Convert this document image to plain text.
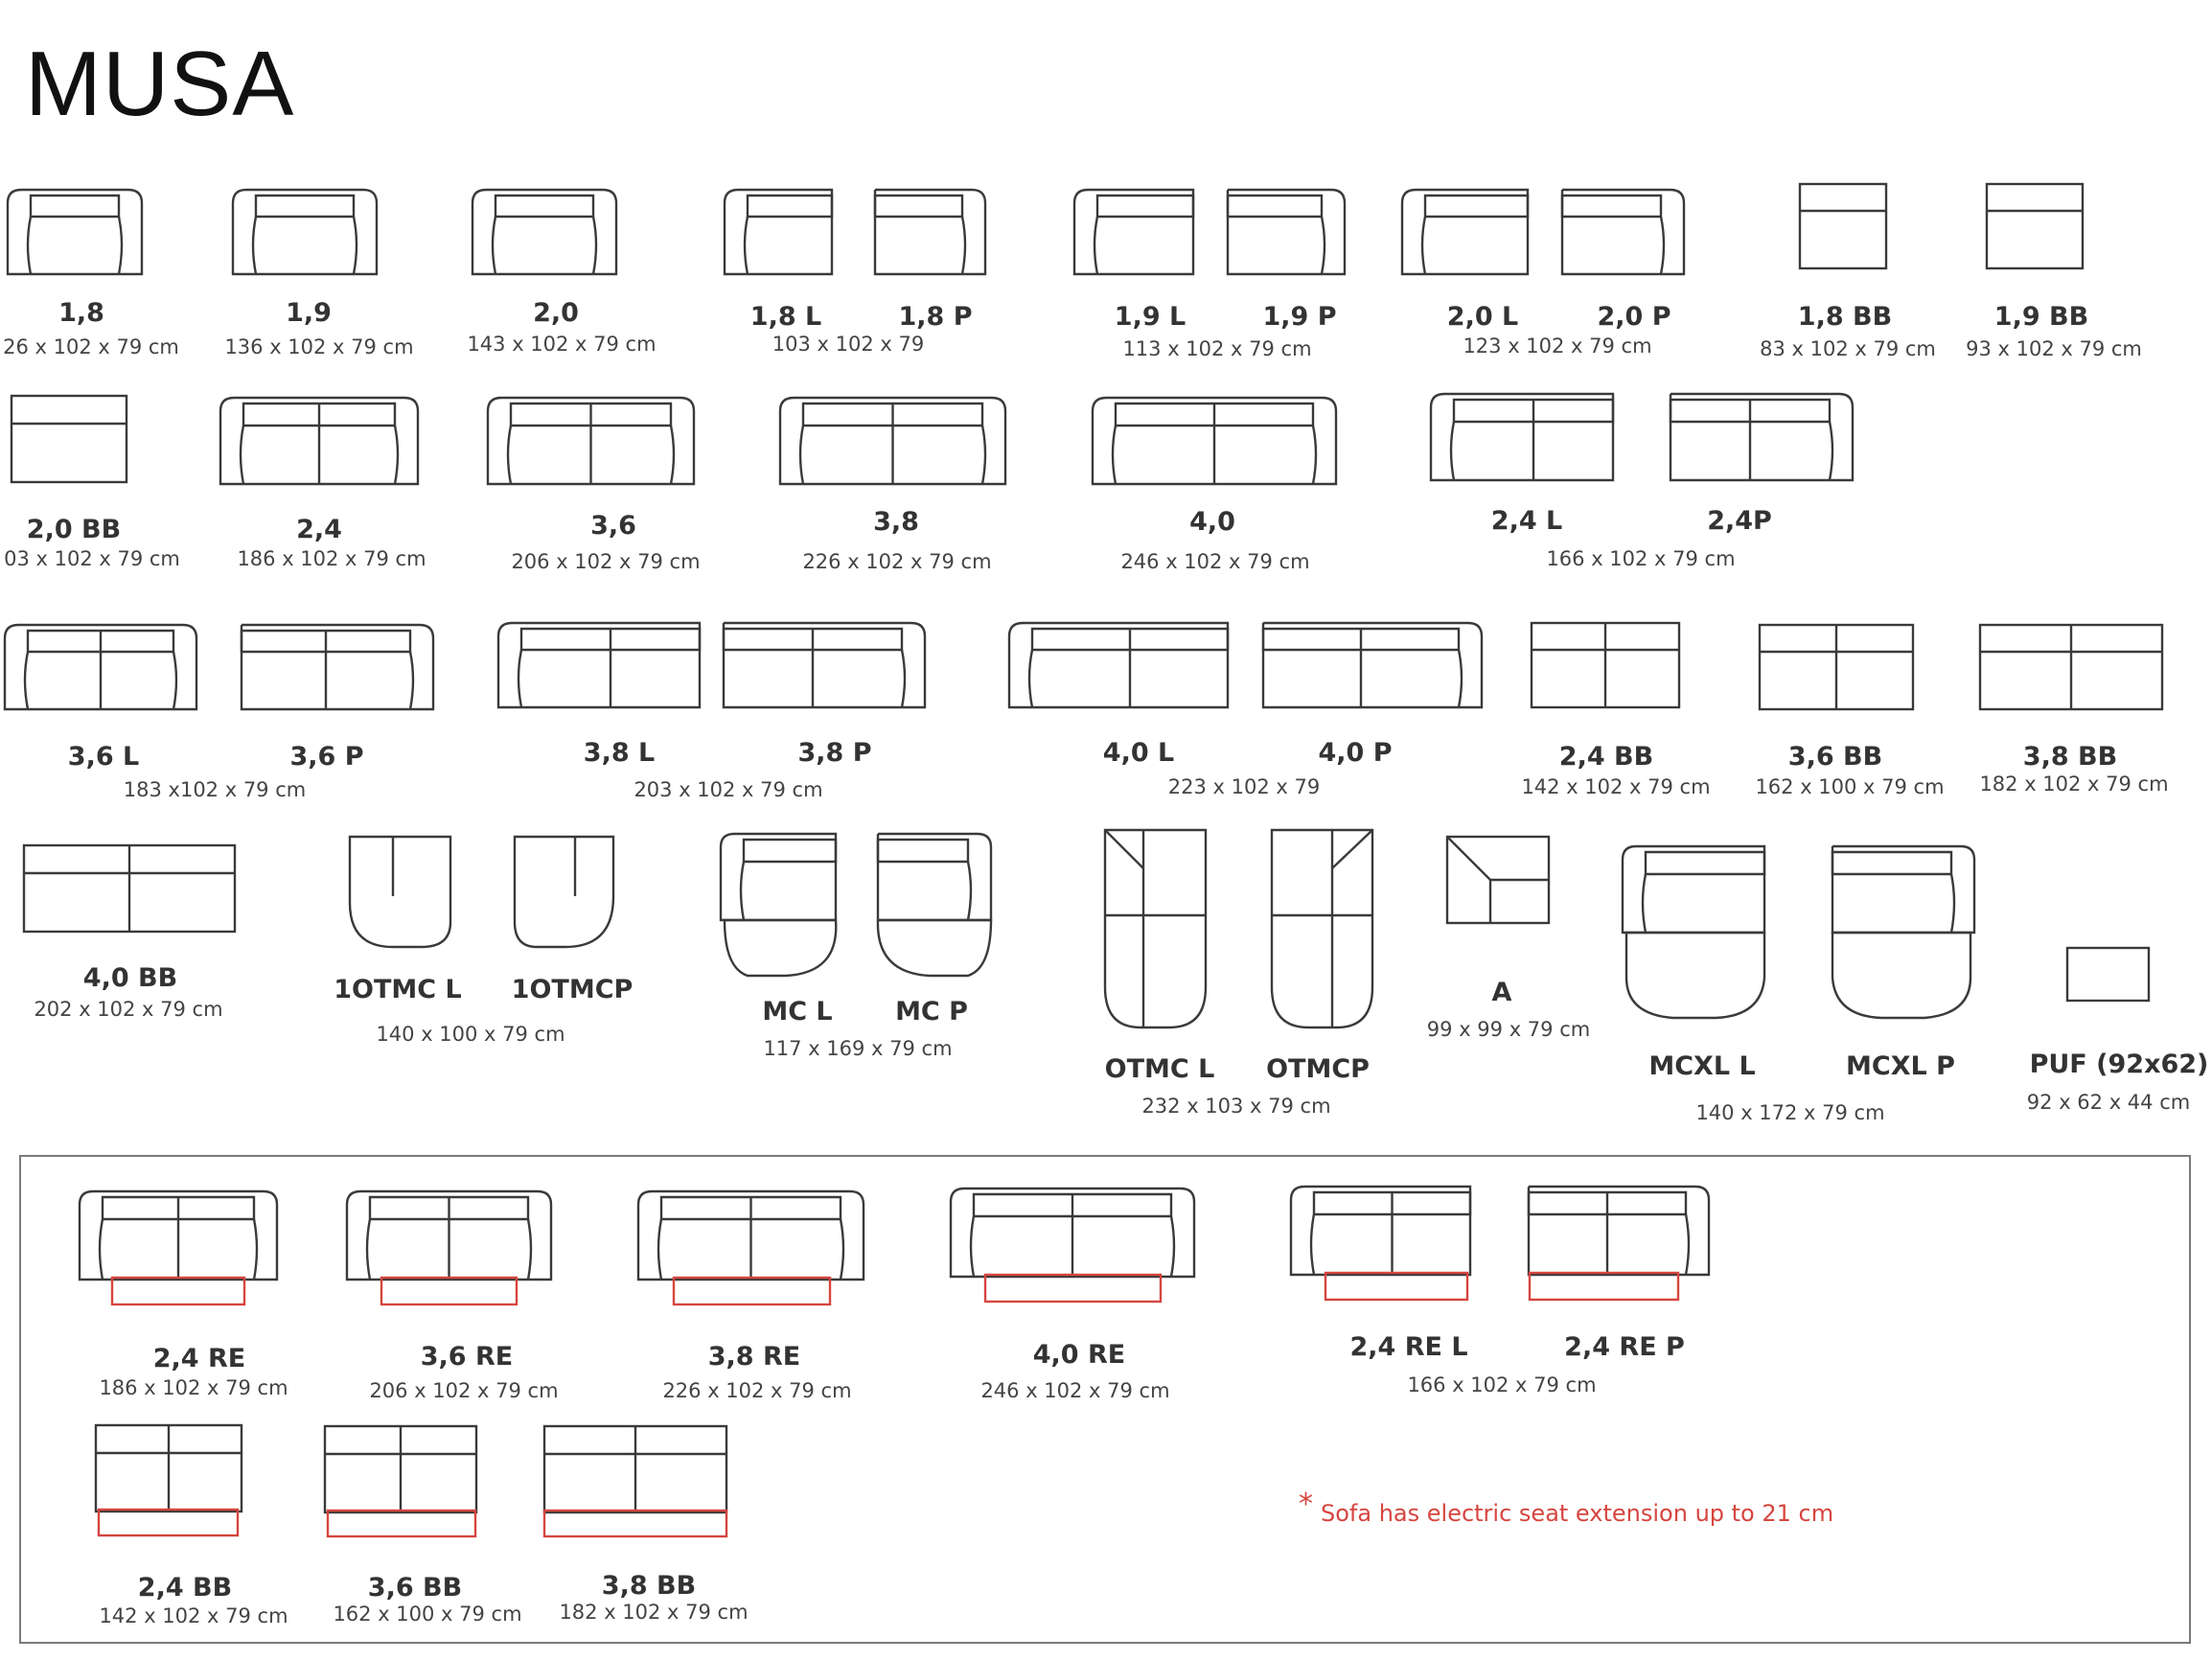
MUSA
1,8	1,9	2,0	1,8 L	1,8 P	1,9 L	1,9 P	2,0 L	2,0 P	1,8 BB	1,9 BB
2,0 BB	2,4	3,6	3,8	4,0	2,4 L	2,4P
3,6 L	3,6 P	3,8 L	3,8 P	4,0 L	4,0 P	2,4 BB	3,6 BB	3,8 BB
4,0 BB	1OTMC L 1OTMCP
MC L MC P
OTMC L OTMCP
A
MCXL L	MCXL P	PUF (92x62)
26 x 102 x 79 cm 136 x 102 x 79 cm	143 x 102 x 79 cm	103 x 102 x 79	113 x 102 x 79 cm	123 x 102 x 79 cm	83 x 102 x 79 cm 93 x 102 x 79 cm
03 x 102 x 79 cm	186 x 102 x 79 cm	206 x 102 x 79 cm	226 x 102 x 79 cm	246 x 102 x 79 cm	166 x 102 x 79 cm
183 x102 x 79 cm	203 x 102 x 79 cm	223 x 102 x 79	142 x 102 x 79 cm 162 x 100 x 79 cm 182 x 102 x 79 cm
202 x 102 x 79 cm
140 x 100 x 79 cm
117 x 169 x 79 cm
232 x 103 x 79 cm
99 x 99 x 79 cm
140 x 172 x 79 cm	92 x 62 x 44 cm
2,4 RE	3,6 RE	3,8 RE	4,0 RE	2,4 RE L	2,4 RE P
2,4 BB	3,6 BB	3,8 BB
186 x 102 x 79 cm	206 x 102 x 79 cm	226 x 102 x 79 cm	246 x 102 x 79 cm	166 x 102 x 79 cm
142 x 102 x 79 cm 162 x 100 x 79 cm 182 x 102 x 79 cm
* Sofa has electric seat extension up to 21 cm
